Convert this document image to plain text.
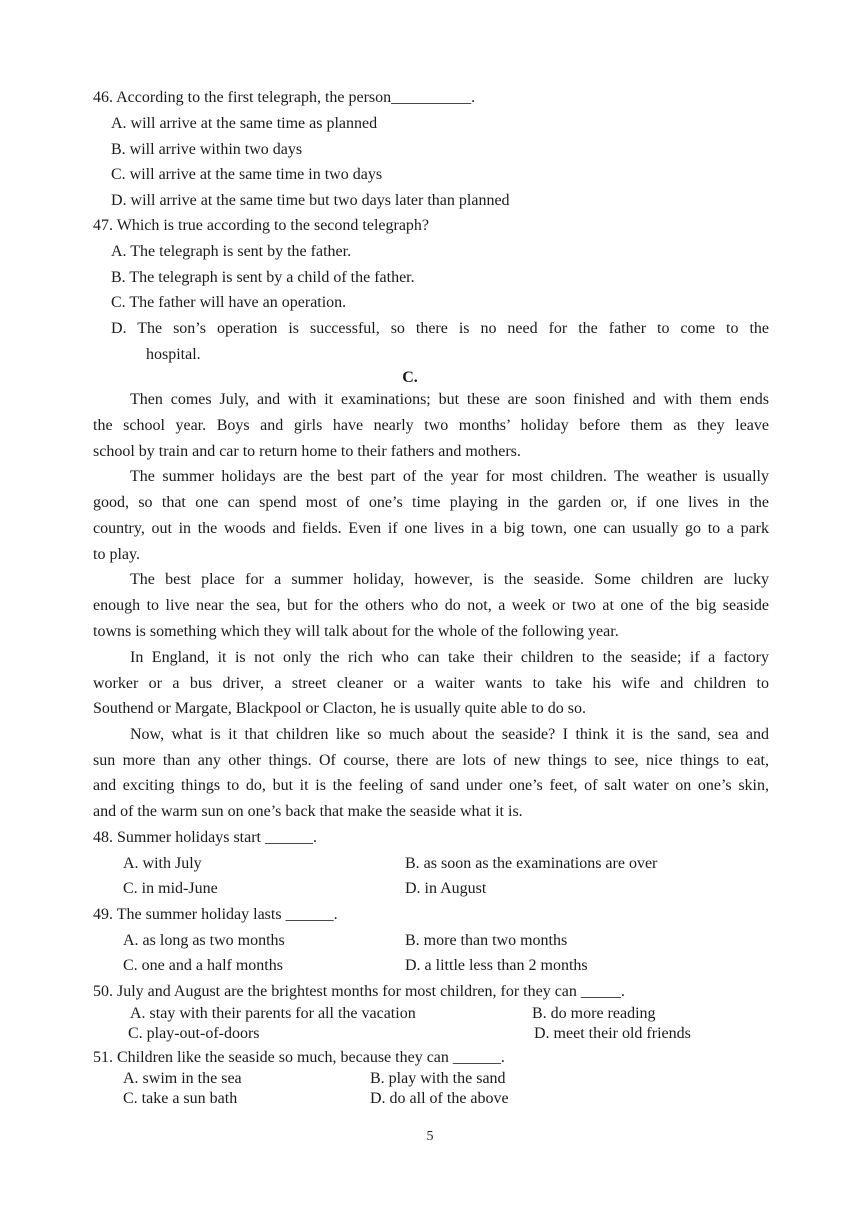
46. According to the first telegraph, the person__________.
A. will arrive at the same time as planned
B. will arrive within two days
C. will arrive at the same time in two days
D. will arrive at the same time but two days later than planned
47. Which is true according to the second telegraph?
A. The telegraph is sent by the father.
B. The telegraph is sent by a child of the father.
C. The father will have an operation.
D. The son’s operation is successful, so there is no need for the father to come to the
hospital.
C.
Then comes July, and with it examinations; but these are soon finished and with them ends
the school year. Boys and girls have nearly two months’ holiday before them as they leave
school by train and car to return home to their fathers and mothers.
The summer holidays are the best part of the year for most children. The weather is usually
good, so that one can spend most of one’s time playing in the garden or, if one lives in the
country, out in the woods and fields. Even if one lives in a big town, one can usually go to a park
to play.
The best place for a summer holiday, however, is the seaside. Some children are lucky
enough to live near the sea, but for the others who do not, a week or two at one of the big seaside
towns is something which they will talk about for the whole of the following year.
In England, it is not only the rich who can take their children to the seaside; if a factory
worker or a bus driver, a street cleaner or a waiter wants to take his wife and children to
Southend or Margate, Blackpool or Clacton, he is usually quite able to do so.
Now, what is it that children like so much about the seaside? I think it is the sand, sea and
sun more than any other things. Of course, there are lots of new things to see, nice things to eat,
and exciting things to do, but it is the feeling of sand under one’s feet, of salt water on one’s skin,
and of the warm sun on one’s back that make the seaside what it is.
48. Summer holidays start ______.
A. with July	B. as soon as the examinations are over
C. in mid-June	D. in August
49. The summer holiday lasts ______.
A. as long as two months	B. more than two months
C. one and a half months	D. a little less than 2 months
50. July and August are the brightest months for most children, for they can _____.
A. stay with their parents for all the vacation	B. do more reading
C. play-out-of-doors	D. meet their old friends
51. Children like the seaside so much, because they can ______.
A. swim in the sea	B. play with the sand
C. take a sun bath	D. do all of the above
5
